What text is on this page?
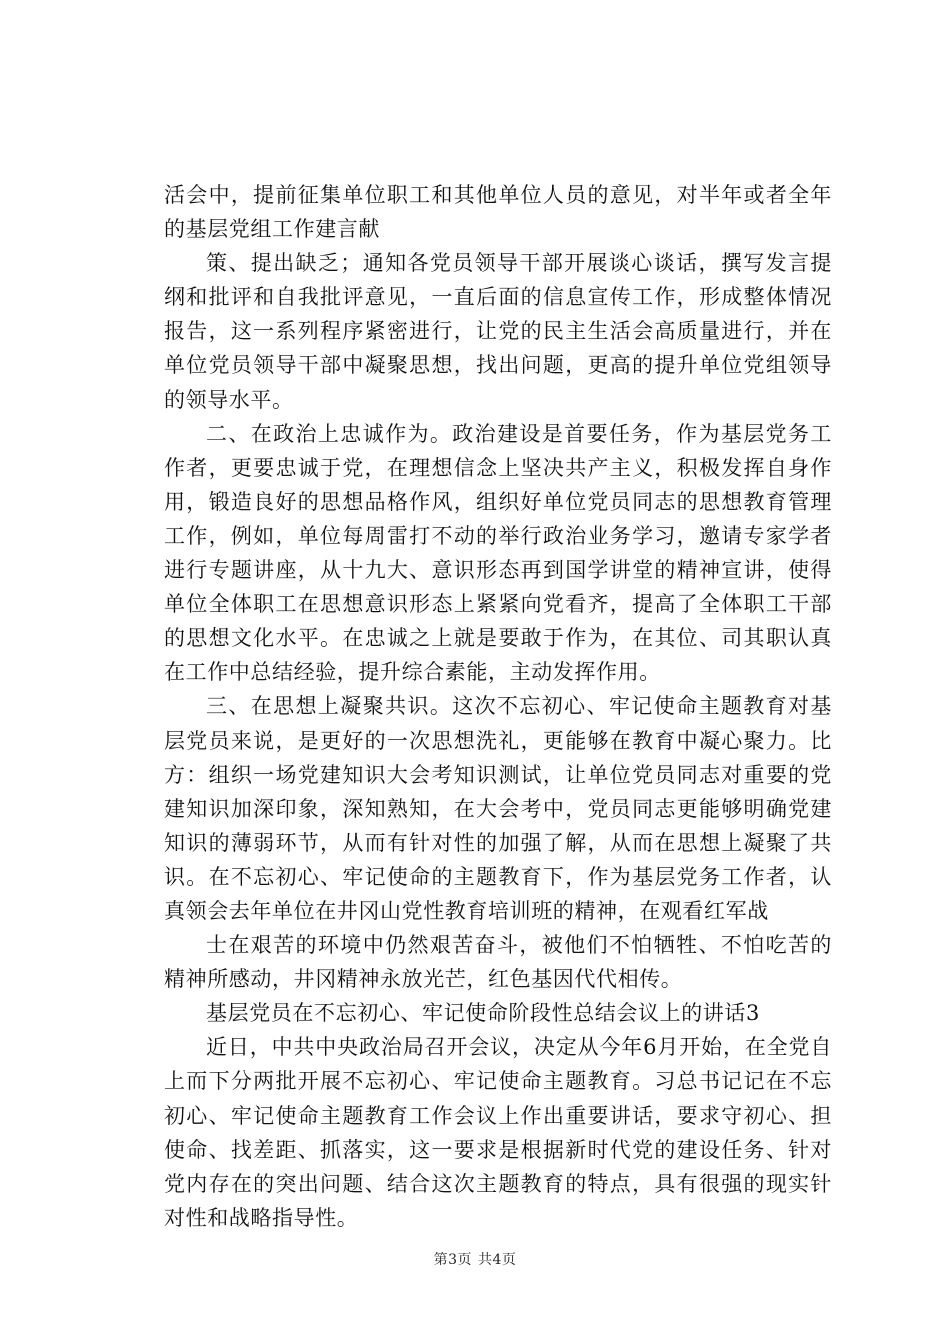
活会中，提前征集单位职工和其他单位人员的意见，对半年或者全年的基层党组工作建言献

策、提出缺乏；通知各党员领导干部开展谈心谈话，撰写发言提纲和批评和自我批评意见，一直后面的信息宣传工作，形成整体情况报告，这一系列程序紧密进行，让党的民主生活会高质量进行，并在单位党员领导干部中凝聚思想，找出问题，更高的提升单位党组领导的领导水平。

二、在政治上忠诚作为。政治建设是首要任务，作为基层党务工作者，更要忠诚于党，在理想信念上坚决共产主义，积极发挥自身作用，锻造良好的思想品格作风，组织好单位党员同志的思想教育管理工作，例如，单位每周雷打不动的举行政治业务学习，邀请专家学者进行专题讲座，从十九大、意识形态再到国学讲堂的精神宣讲，使得单位全体职工在思想意识形态上紧紧向党看齐，提高了全体职工干部的思想文化水平。在忠诚之上就是要敢于作为，在其位、司其职认真在工作中总结经验，提升综合素能，主动发挥作用。

三、在思想上凝聚共识。这次不忘初心、牢记使命主题教育对基层党员来说，是更好的一次思想洗礼，更能够在教育中凝心聚力。比方：组织一场党建知识大会考知识测试，让单位党员同志对重要的党建知识加深印象，深知熟知，在大会考中，党员同志更能够明确党建知识的薄弱环节，从而有针对性的加强了解，从而在思想上凝聚了共识。在不忘初心、牢记使命的主题教育下，作为基层党务工作者，认真领会去年单位在井冈山党性教育培训班的精神，在观看红军战

士在艰苦的环境中仍然艰苦奋斗，被他们不怕牺牲、不怕吃苦的精神所感动，井冈精神永放光芒，红色基因代代相传。

基层党员在不忘初心、牢记使命阶段性总结会议上的讲话3

近日，中共中央政治局召开会议，决定从今年6月开始，在全党自上而下分两批开展不忘初心、牢记使命主题教育。习总书记记在不忘初心、牢记使命主题教育工作会议上作出重要讲话，要求守初心、担使命、找差距、抓落实，这一要求是根据新时代党的建设任务、针对党内存在的突出问题、结合这次主题教育的特点，具有很强的现实针对性和战略指导性。

第3页 共4页
